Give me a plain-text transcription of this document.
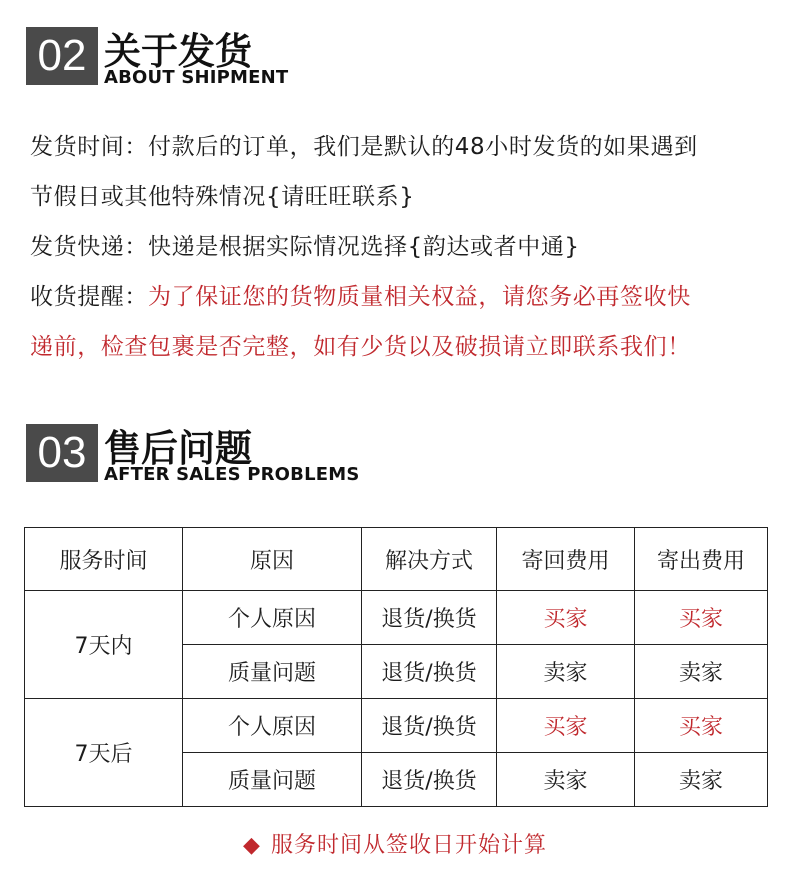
02 关于发货
ABOUT SHIPMENT
发货时间：付款后的订单，我们是默认的48小时发货的如果遇到
节假日或其他特殊情况{请旺旺联系}
发货快递：快递是根据实际情况选择{韵达或者中通}
收货提醒：为了保证您的货物质量相关权益，请您务必再签收快
递前，检查包裹是否完整，如有少货以及破损请立即联系我们！
03 售后问题
AFTER SALES PROBLEMS
服务时间	原因	解决方式	寄回费用	寄出费用
7天内	个人原因	退货/换货	买家	买家
	质量问题	退货/换货	卖家	卖家
7天后	个人原因	退货/换货	买家	买家
	质量问题	退货/换货	卖家	卖家
◆ 服务时间从签收日开始计算
